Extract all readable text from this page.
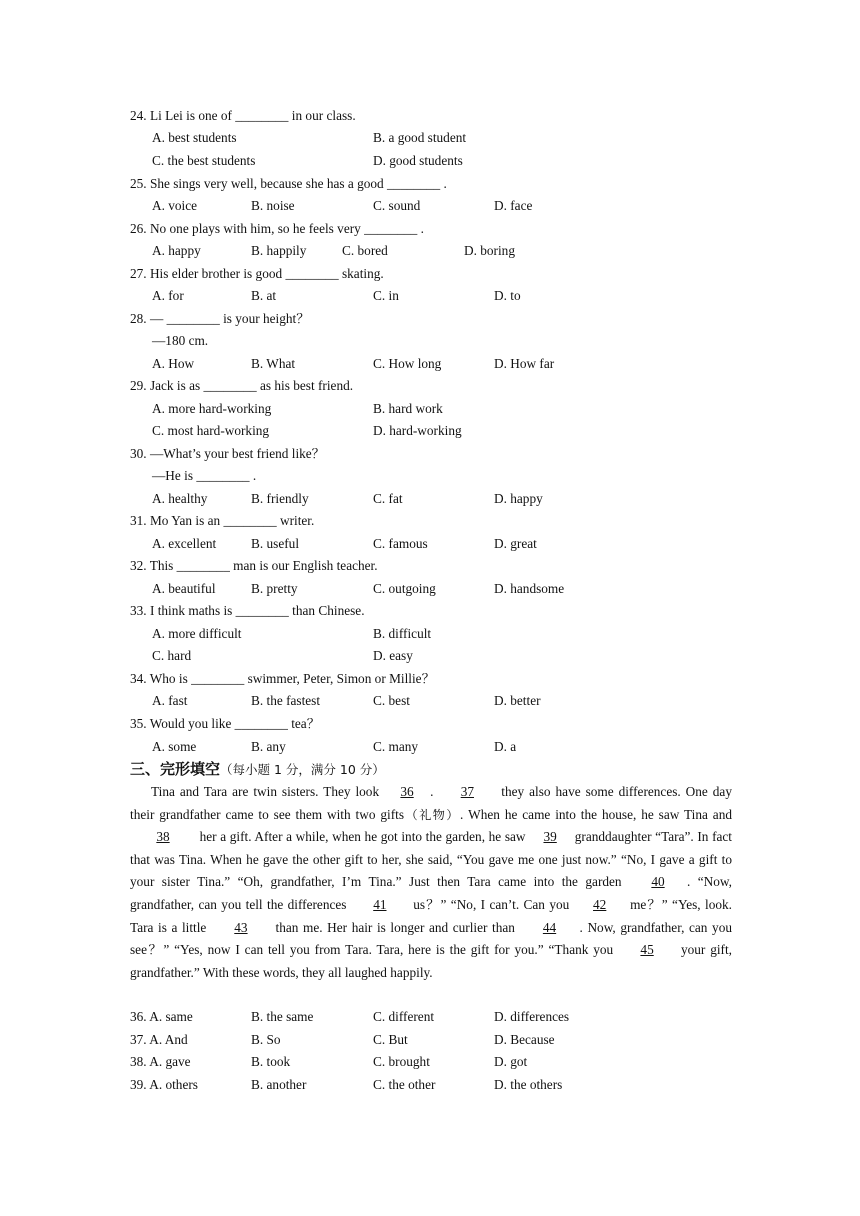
24. Li Lei is one of ________ in our class.
A. best students	B. a good student
C. the best students	D. good students
25. She sings very well, because she has a good ________ .
A. voice	B. noise	C. sound	D. face
26. No one plays with him, so he feels very ________ .
A. happy	B. happily	C. bored	D. boring
27. His elder brother is good ________ skating.
A. for	B. at	C. in	D. to
28. — ________ is your height？
—180 cm.
A. How	B. What	C. How long	D. How far
29. Jack is as ________ as his best friend.
A. more hard-working	B. hard work
C. most hard-working	D. hard-working
30. —What’s your best friend like？
—He is ________ .
A. healthy	B. friendly	C. fat	D. happy
31. Mo Yan is an ________ writer.
A. excellent	B. useful	C. famous	D. great
32. This ________ man is our English teacher.
A. beautiful	B. pretty	C. outgoing	D. handsome
33. I think maths is ________ than Chinese.
A. more difficult	B. difficult
C. hard	D. easy
34. Who is ________ swimmer, Peter, Simon or Millie？
A. fast	B. the fastest	C. best	D. better
35. Would you like ________ tea？
A. some	B. any	C. many	D. a
三、完形填空（每小题 1 分，满分 10 分）
Tina and Tara are twin sisters. They look 36 . 37 they also have some differences. One day their grandfather came to see them with two gifts（礼物）. When he came into the house, he saw Tina and 38 her a gift. After a while, when he got into the garden, he saw 39 granddaughter “Tara”. In fact that was Tina. When he gave the other gift to her, she said, “You gave me one just now.” “No, I gave a gift to your sister Tina.” “Oh, grandfather, I’m Tina.” Just then Tara came into the garden 40 . “Now, grandfather, can you tell the differences 41 us？” “No, I can’t. Can you 42 me？” “Yes, look. Tara is a little 43 than me. Her hair is longer and curlier than 44 . Now, grandfather, can you see？” “Yes, now I can tell you from Tara. Tara, here is the gift for you.” “Thank you 45 your gift, grandfather.” With these words, they all laughed happily.
36. A. same	B. the same	C. different	D. differences
37. A. And	B. So	C. But	D. Because
38. A. gave	B. took	C. brought	D. got
39. A. others	B. another	C. the other	D. the others
